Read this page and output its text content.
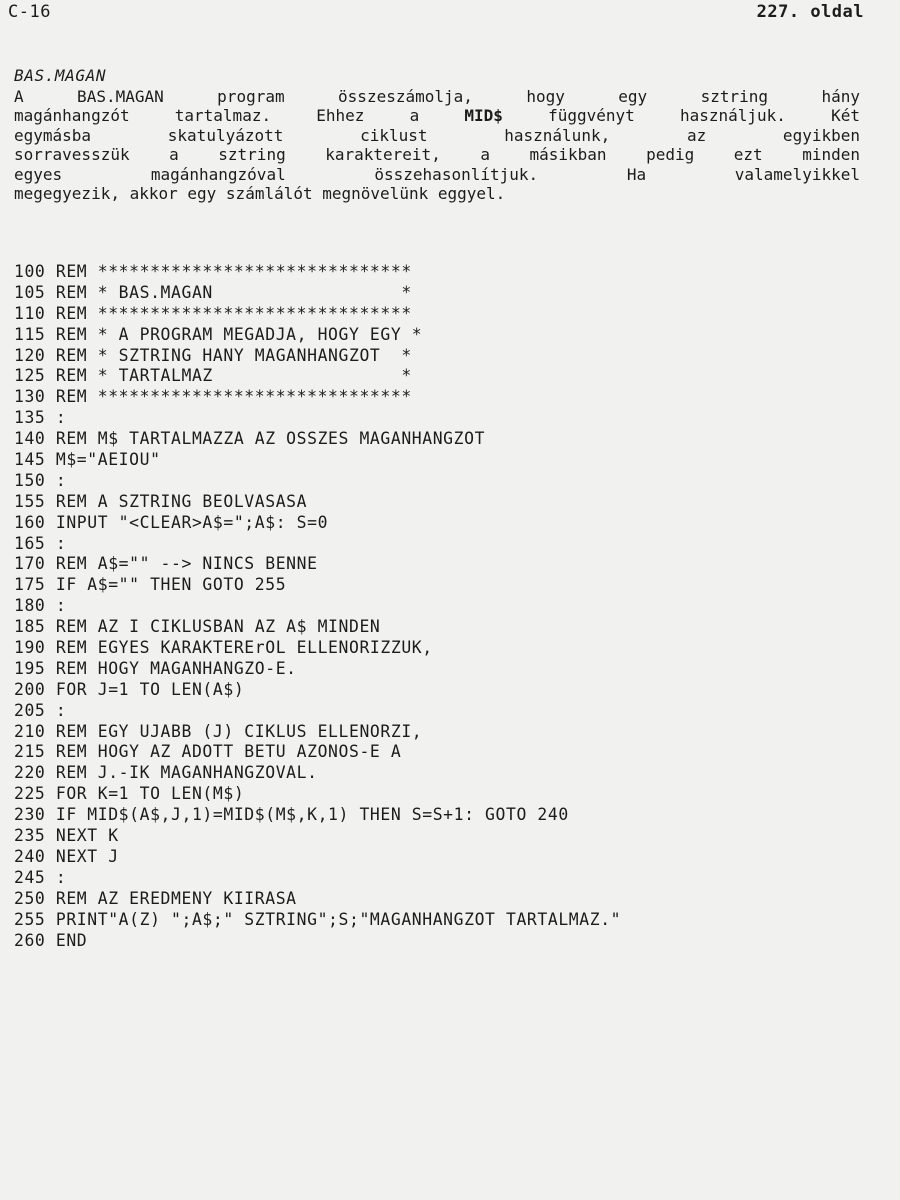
C-16	227. oldal
BAS.MAGAN
A BAS.MAGAN program összeszámolja, hogy egy sztring hány
magánhangzót tartalmaz. Ehhez a MID$ függvényt használjuk. Két
egymásba skatulyázott ciklust használunk, az egyikben
sorravesszük a sztring karaktereit, a másikban pedig ezt minden
egyes magánhangzóval összehasonlítjuk. Ha valamelyikkel
megegyezik, akkor egy számlálót megnövelünk eggyel.
100 REM ******************************
105 REM * BAS.MAGAN                  *
110 REM ******************************
115 REM * A PROGRAM MEGADJA, HOGY EGY *
120 REM * SZTRING HANY MAGANHANGZOT  *
125 REM * TARTALMAZ                  *
130 REM ******************************
135 :
140 REM M$ TARTALMAZZA AZ OSSZES MAGANHANGZOT
145 M$="AEIOU"
150 :
155 REM A SZTRING BEOLVASASA
160 INPUT "<CLEAR>A$=";A$: S=0
165 :
170 REM A$="" --> NINCS BENNE
175 IF A$="" THEN GOTO 255
180 :
185 REM AZ I CIKLUSBAN AZ A$ MINDEN
190 REM EGYES KARAKTERErOL ELLENORIZZUK,
195 REM HOGY MAGANHANGZO-E.
200 FOR J=1 TO LEN(A$)
205 :
210 REM EGY UJABB (J) CIKLUS ELLENORZI,
215 REM HOGY AZ ADOTT BETU AZONOS-E A
220 REM J.-IK MAGANHANGZOVAL.
225 FOR K=1 TO LEN(M$)
230 IF MID$(A$,J,1)=MID$(M$,K,1) THEN S=S+1: GOTO 240
235 NEXT K
240 NEXT J
245 :
250 REM AZ EREDMENY KIIRASA
255 PRINT"A(Z) ";A$;" SZTRING";S;"MAGANHANGZOT TARTALMAZ."
260 END
